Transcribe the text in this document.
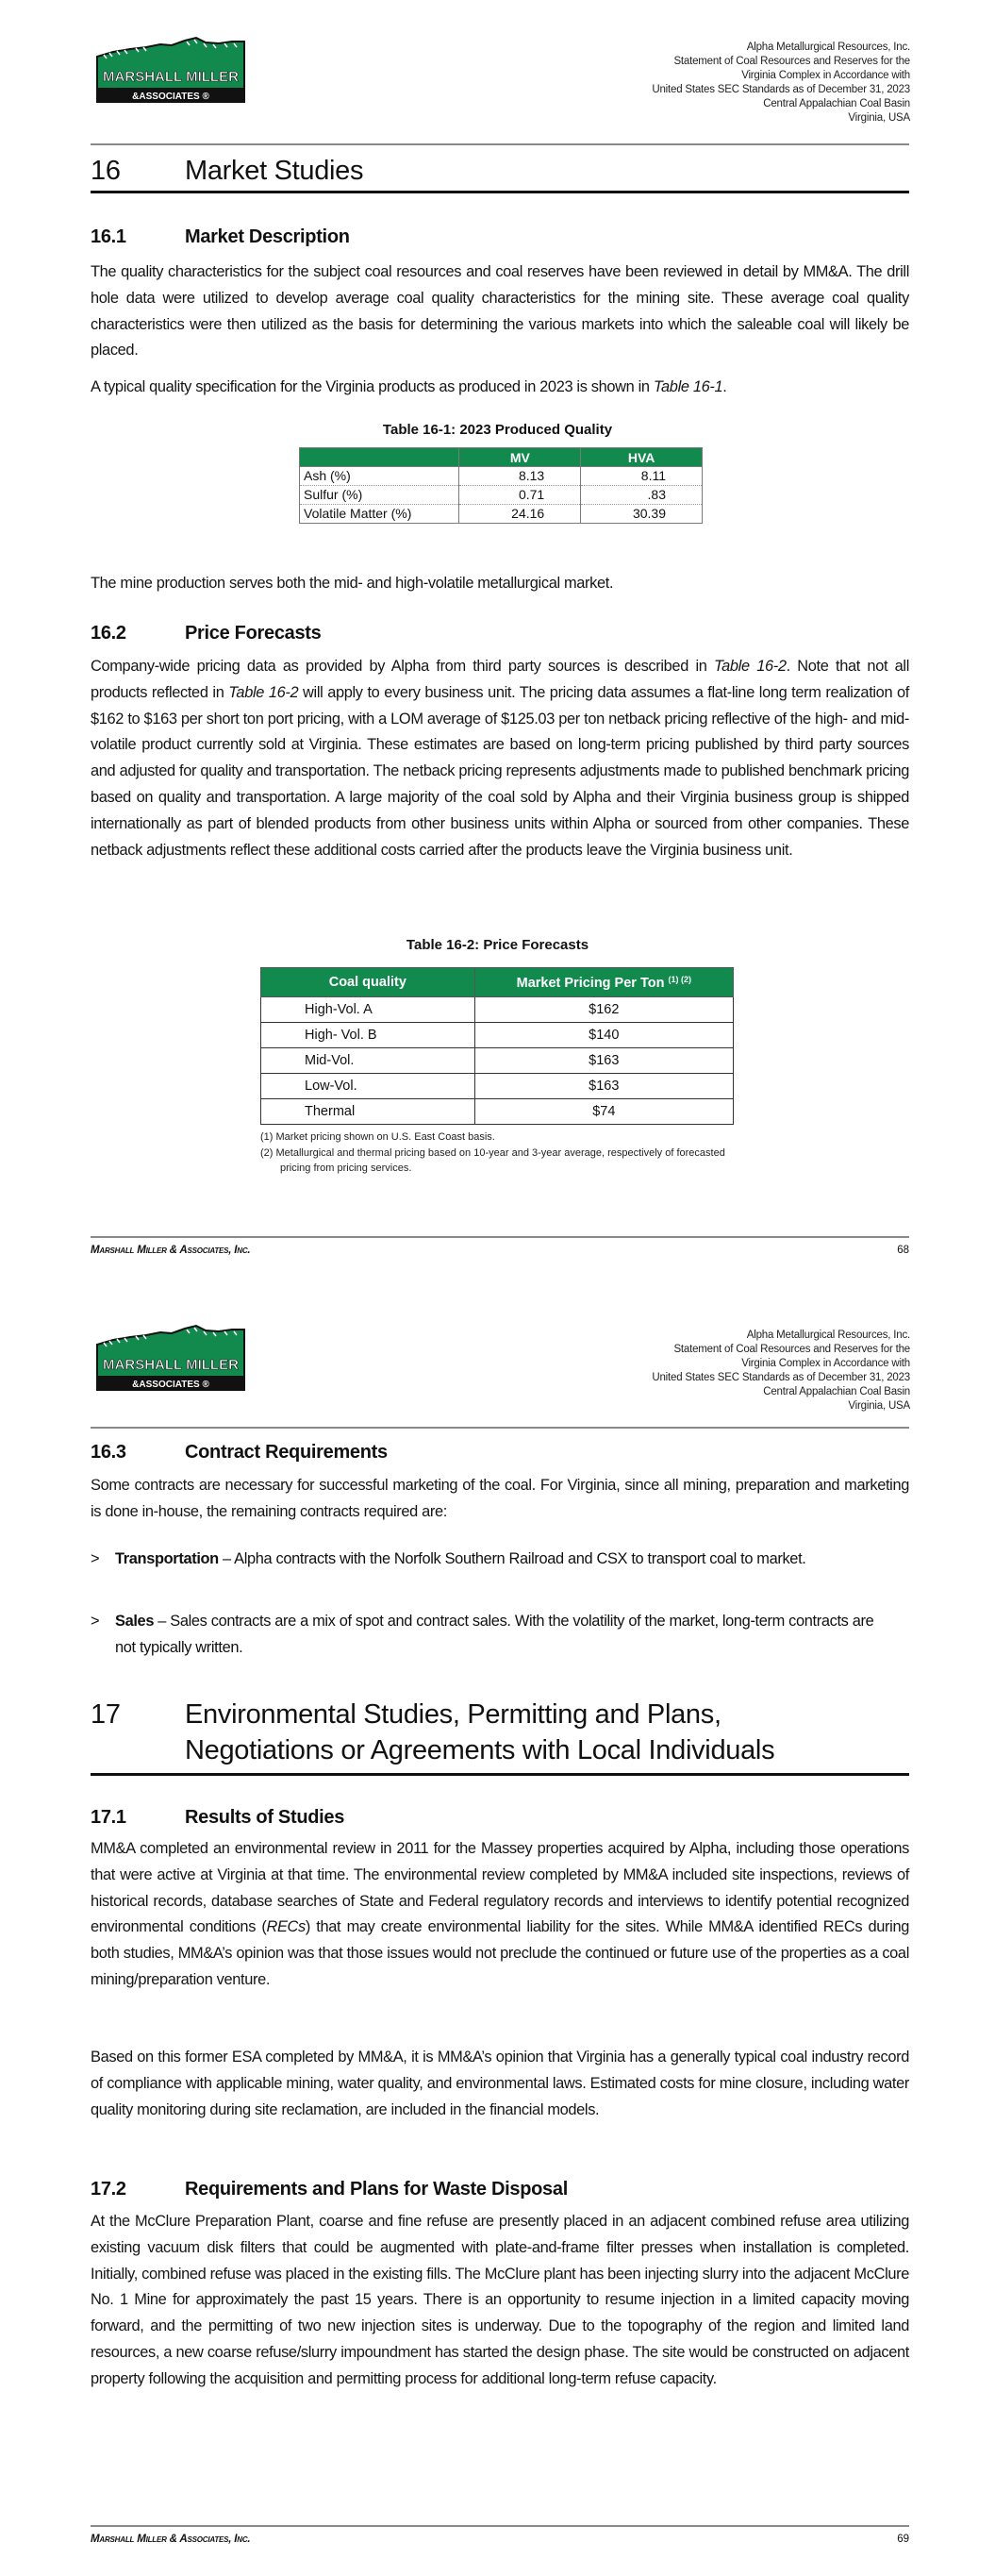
MARSHALL MILLER
&ASSOCIATES ®
Alpha Metallurgical Resources, Inc.
Statement of Coal Resources and Reserves for the
Virginia Complex in Accordance with
United States SEC Standards as of December 31, 2023
Central Appalachian Coal Basin
Virginia, USA
16 Market Studies
16.1	Market Description

The quality characteristics for the subject coal resources and coal reserves have been reviewed in detail by MM&A. The drill hole data were utilized to develop average coal quality characteristics for the mining site. These average coal quality characteristics were then utilized as the basis for determining the various markets into which the saleable coal will likely be placed.

A typical quality specification for the Virginia products as produced in 2023 is shown in Table 16-1.

Table 16-1: 2023 Produced Quality
	MV	HVA
Ash (%)	8.13	8.11
Sulfur (%)	0.71	.83
Volatile Matter (%)	24.16	30.39

The mine production serves both the mid- and high-volatile metallurgical market.

16.2	Price Forecasts

Company-wide pricing data as provided by Alpha from third party sources is described in Table 16-2. Note that not all products reflected in Table 16-2 will apply to every business unit. The pricing data assumes a flat-line long term realization of $162 to $163 per short ton port pricing, with a LOM average of $125.03 per ton netback pricing reflective of the high- and mid-volatile product currently sold at Virginia. These estimates are based on long-term pricing published by third party sources and adjusted for quality and transportation. The netback pricing represents adjustments made to published benchmark pricing based on quality and transportation. A large majority of the coal sold by Alpha and their Virginia business group is shipped internationally as part of blended products from other business units within Alpha or sourced from other companies. These netback adjustments reflect these additional costs carried after the products leave the Virginia business unit.

Table 16-2: Price Forecasts
Coal quality	Market Pricing Per Ton $^{(1) (2)}$
High-Vol. A	$162
High- Vol. B	$140
Mid-Vol.	$163
Low-Vol.	$163
Thermal	$74
(1) Market pricing shown on U.S. East Coast basis.
(2) Metallurgical and thermal pricing based on 10-year and 3-year average, respectively of forecasted pricing from pricing services.
Marshall Miller & Associates, Inc.	68
MARSHALL MILLER
&ASSOCIATES ®
Alpha Metallurgical Resources, Inc.
Statement of Coal Resources and Reserves for the
Virginia Complex in Accordance with
United States SEC Standards as of December 31, 2023
Central Appalachian Coal Basin
Virginia, USA
16.3	Contract Requirements

Some contracts are necessary for successful marketing of the coal. For Virginia, since all mining, preparation and marketing is done in-house, the remaining contracts required are:

> Transportation – Alpha contracts with the Norfolk Southern Railroad and CSX to transport coal to market.
> Sales – Sales contracts are a mix of spot and contract sales. With the volatility of the market, long-term contracts are not typically written.
17 Environmental Studies, Permitting and Plans,
Negotiations or Agreements with Local Individuals
17.1	Results of Studies

MM&A completed an environmental review in 2011 for the Massey properties acquired by Alpha, including those operations that were active at Virginia at that time. The environmental review completed by MM&A included site inspections, reviews of historical records, database searches of State and Federal regulatory records and interviews to identify potential recognized environmental conditions (RECs) that may create environmental liability for the sites. While MM&A identified RECs during both studies, MM&A’s opinion was that those issues would not preclude the continued or future use of the properties as a coal mining/preparation venture.

Based on this former ESA completed by MM&A, it is MM&A’s opinion that Virginia has a generally typical coal industry record of compliance with applicable mining, water quality, and environmental laws. Estimated costs for mine closure, including water quality monitoring during site reclamation, are included in the financial models.

17.2	Requirements and Plans for Waste Disposal

At the McClure Preparation Plant, coarse and fine refuse are presently placed in an adjacent combined refuse area utilizing existing vacuum disk filters that could be augmented with plate-and-frame filter presses when installation is completed. Initially, combined refuse was placed in the existing fills. The McClure plant has been injecting slurry into the adjacent McClure No. 1 Mine for approximately the past 15 years. There is an opportunity to resume injection in a limited capacity moving forward, and the permitting of two new injection sites is underway. Due to the topography of the region and limited land resources, a new coarse refuse/slurry impoundment has started the design phase. The site would be constructed on adjacent property following the acquisition and permitting process for additional long-term refuse capacity.

Marshall Miller & Associates, Inc.	69
